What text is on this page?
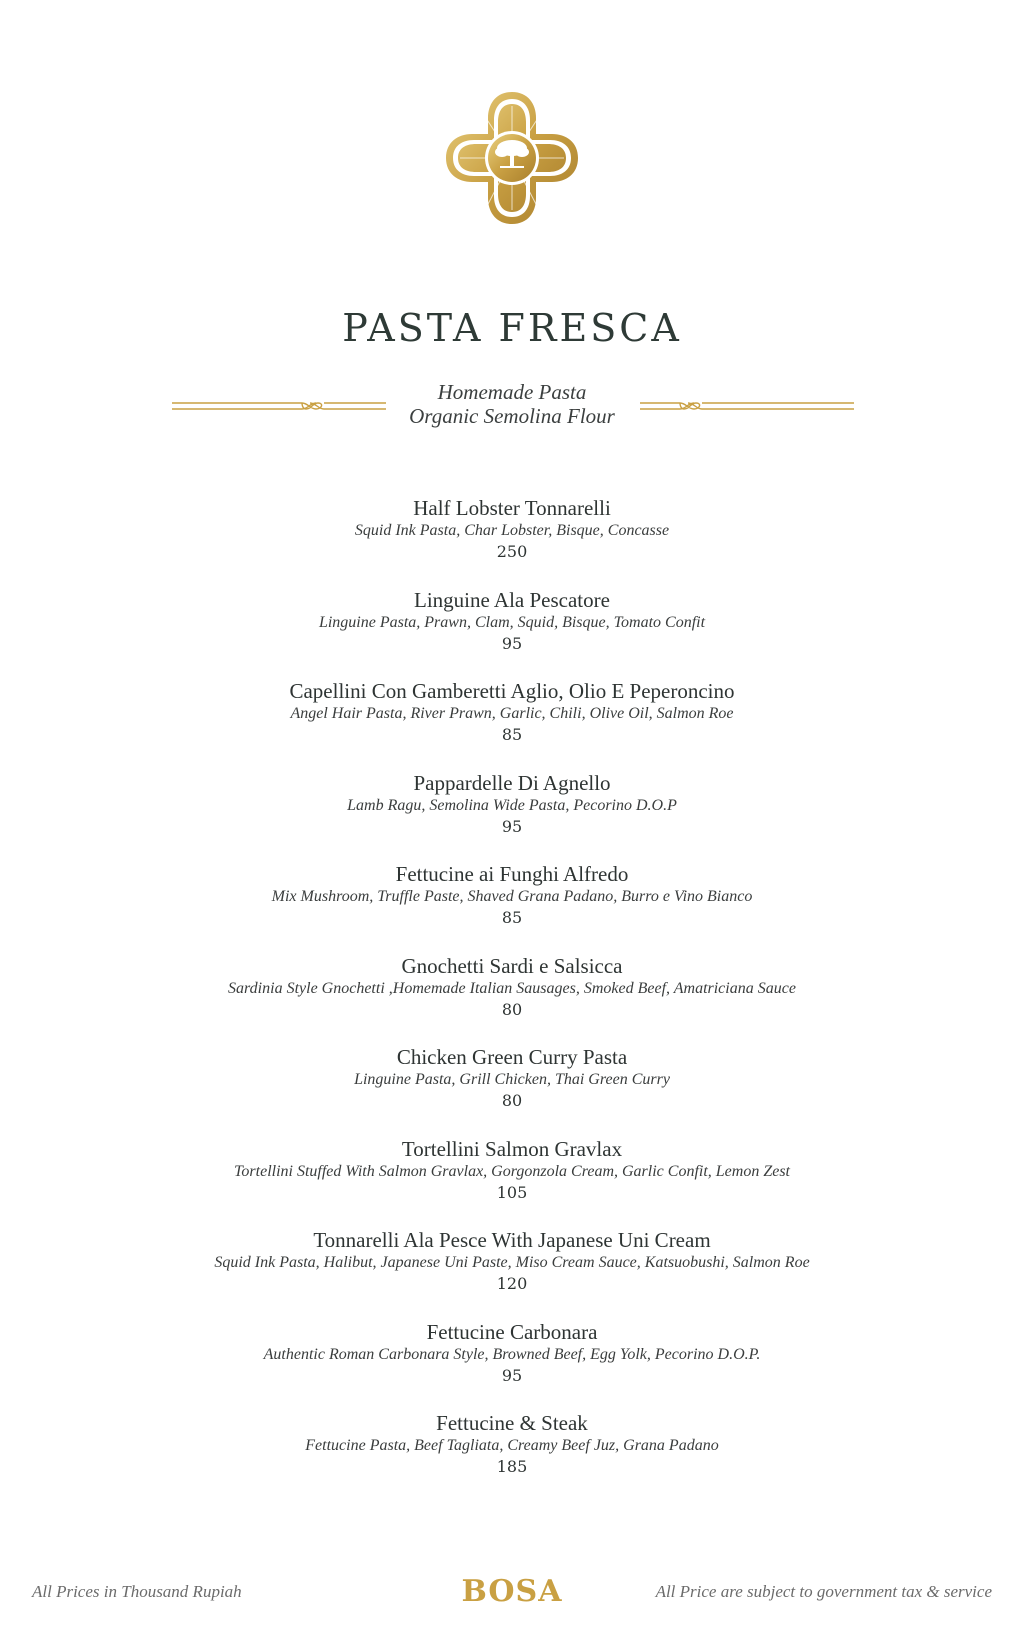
PASTA FRESCA
Homemade Pasta
Organic Semolina Flour
Half Lobster Tonnarelli
Squid Ink Pasta, Char Lobster, Bisque, Concasse
250
Linguine Ala Pescatore
Linguine Pasta, Prawn, Clam, Squid, Bisque, Tomato Confit
95
Capellini Con Gamberetti Aglio, Olio E Peperoncino
Angel Hair Pasta, River Prawn, Garlic, Chili, Olive Oil, Salmon Roe
85
Pappardelle Di Agnello
Lamb Ragu, Semolina Wide Pasta, Pecorino D.O.P
95
Fettucine ai Funghi Alfredo
Mix Mushroom, Truffle Paste, Shaved Grana Padano, Burro e Vino Bianco
85
Gnochetti Sardi e Salsicca
Sardinia Style Gnochetti ,Homemade Italian Sausages, Smoked Beef, Amatriciana Sauce
80
Chicken Green Curry Pasta
Linguine Pasta, Grill Chicken, Thai Green Curry
80
Tortellini Salmon Gravlax
Tortellini Stuffed With Salmon Gravlax, Gorgonzola Cream, Garlic Confit, Lemon Zest
105
Tonnarelli Ala Pesce With Japanese Uni Cream
Squid Ink Pasta, Halibut, Japanese Uni Paste, Miso Cream Sauce, Katsuobushi, Salmon Roe
120
Fettucine Carbonara
Authentic Roman Carbonara Style, Browned Beef, Egg Yolk, Pecorino D.O.P.
95
Fettucine & Steak
Fettucine Pasta, Beef Tagliata, Creamy Beef Juz, Grana Padano
185
All Prices in Thousand Rupiah	BOSA	All Price are subject to government tax & service
